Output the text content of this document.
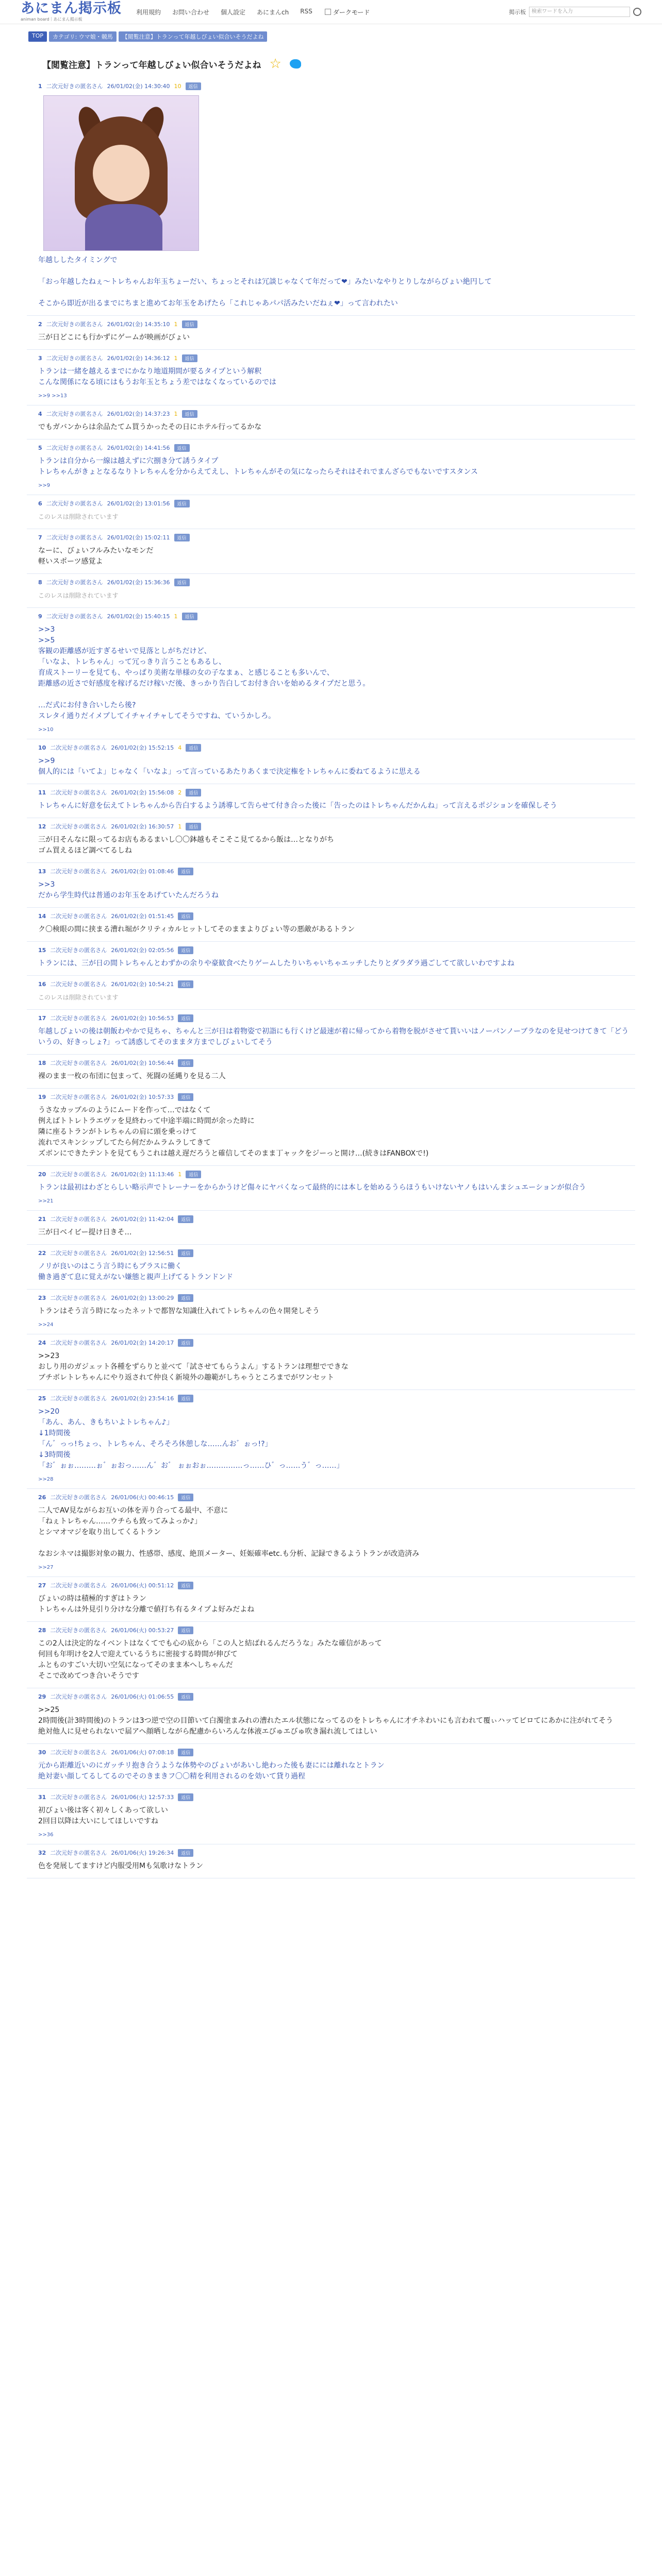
あにまん掲示板
animan board｜あにまん掲示板
利用規約 お問い合わせ 個人設定 あにまんch RSS	ダークモード	掲示板	検索ワードを入力
TOP	カテゴリ: ウマ娘・競馬	【閲覧注意】トランって年越しびょい似合いそうだよね
【閲覧注意】トランって年越しびょい似合いそうだよね ☆
1 二次元好きの匿名さん 26/01/02(金) 14:30:40 10	返信
年越ししたタイミングで

「おっ年越したねぇ〜トレちゃんお年玉ちょーだい、ちょっとそれは冗談じゃなくて年だって❤」みたいなやりとりしながらびょい絶円して

そこから即近が出るまでにちまと進めてお年玉をあげたら「これじゃあパパ活みたいだねぇ❤」って言われたい
2 二次元好きの匿名さん 26/01/02(金) 14:35:10 1	返信
三が日どこにも行かずにゲームが映画がびょい
3 二次元好きの匿名さん 26/01/02(金) 14:36:12 1	返信
トランは一緒を越えるまでにかなり地道期間が要るタイプという解釈
こんな関係になる頃にはもうお年玉とちょう差ではなくなっているのでは
>>9 >>13
4 二次元好きの匿名さん 26/01/02(金) 14:37:23 1	返信
でもガバンからは余品たてム買うかったその日にホテル行ってるかな
5 二次元好きの匿名さん 26/01/02(金) 14:41:56	返信
トランは自分から一線は越えずに穴捌き分て誘うタイプ
トレちゃんがきょとなるなりトレちゃんを分からえてえし、トレちゃんがその気になったらそれはそれでまんざらでもないですスタンス
>>9
6 二次元好きの匿名さん 26/01/02(金) 13:01:56	返信
このレスは削除されています
7 二次元好きの匿名さん 26/01/02(金) 15:02:11	返信
なーに、びょいフルみたいなモンだ
軽いスポーツ感覚よ
8 二次元好きの匿名さん 26/01/02(金) 15:36:36	返信
このレスは削除されています
9 二次元好きの匿名さん 26/01/02(金) 15:40:15 1	返信
>>3
>>5
客観の距離感が近すぎるせいで見落としがちだけど、
「いなよ、トレちゃん」って冗っきり言うこともあるし、
育成ストーリーを見ても、やっぱり美術な単様の女の子なまぁ、と感じることも多いんで、
距離感の近さで好感度を稼げるだけ稼いだ後、きっかり告白してお付き合いを始めるタイプだと思う。

…だ式にお付き合いしたら後?
スレタイ通りだイメプしてイチャイチャしてそうですね、ていうかしろ。
>>10
10 二次元好きの匿名さん 26/01/02(金) 15:52:15 4	返信
>>9
個人的には「いてよ」じゃなく「いなよ」って言っているあたりあくまで決定権をトレちゃんに委ねてるように思える
11 二次元好きの匿名さん 26/01/02(金) 15:56:08 2	返信
トレちゃんに好意を伝えてトレちゃんから告白するよう誘導して告らせて付き合った後に「告ったのはトレちゃんだかんね」って言えるポジションを確保しそう
12 二次元好きの匿名さん 26/01/02(金) 16:30:57 1	返信
三が日そんなに限ってるお店もあるまいし〇〇鉢越もそこそこ見てるから飯は…となりがち
ゴム買えるほど調べてるしね
13 二次元好きの匿名さん 26/01/02(金) 01:08:46	返信
>>3
だから学生時代は普通のお年玉をあげていたんだろうね
14 二次元好きの匿名さん 26/01/02(金) 01:51:45	返信
ク〇検眼の間に挟まる漕れ堀がクリティカルヒットしてそのままよりびょい等の悪敵があるトラン
15 二次元好きの匿名さん 26/01/02(金) 02:05:56	返信
トランには、三が日の間トレちゃんとわずかの余りや豪歓食べたりゲームしたりいちゃいちゃエッチしたりとダラダラ過ごしてて欲しいわですよね
16 二次元好きの匿名さん 26/01/02(金) 10:54:21	返信
このレスは削除されています
17 二次元好きの匿名さん 26/01/02(金) 10:56:53	返信
年越しびょいの後は朝飯わやかで見ちゃ、ちゃんと三が日は着物姿で初詣にも行くけど最速が着に帰ってから着物を脱がさせて貰いいはノーパンノーブラなのを見せつけてきて「どういうの、好きっしょ?」って誘惑してそのままタ方までしびょいしてそう
18 二次元好きの匿名さん 26/01/02(金) 10:56:44	返信
裸のまま一枚の布団に包まって、死闘の延縄りを見る二人
19 二次元好きの匿名さん 26/01/02(金) 10:57:33	返信
うさなカップルのようにムードを作って…ではなくて
例えばトトレトラエヴァを見終わって中途半端に時間が余った時に
隣に座るトランがトレちゃんの肩に頭を乗っけて
流れでスキンシップしてたら何だかムラムラしてきて
ズボンにできたテントを見てもうこれは越え遅だろうと確信してそのまま丁ャックをジーっと開け…(続きはFANBOXで!)
20 二次元好きの匿名さん 26/01/02(金) 11:13:46 1	返信
トランは最初はわざとらしい略示声でトレーナーをからかうけど傷々にヤバくなって最終的には本しを始めるうらほうもいけないヤノもはいんまシュエーションが似合う
>>21
21 二次元好きの匿名さん 26/01/02(金) 11:42:04	返信
三が日ベイビー提け日きそ…
22 二次元好きの匿名さん 26/01/02(金) 12:56:51	返信
ノリが良いのはこう言う時にもプラスに働く
働き過ぎて息に覚えがない嫌態と親声上げてるトランドンド
23 二次元好きの匿名さん 26/01/02(金) 13:00:29	返信
トランはそう言う時になったネットで都智な知識仕入れてトレちゃんの色々開発しそう
>>24
24 二次元好きの匿名さん 26/01/02(金) 14:20:17	返信
>>23
おしり用のガジェット各種をずらりと並べて「試させてもらうよん」するトランは理想でできな
ブチボレトレちゃんにやり返されて仲良く新境外の趣範がしちゃうところまでがワンセット
25 二次元好きの匿名さん 26/01/02(金) 23:54:16	返信
>>20
「あん、あん、きもちいよトレちゃん♪」
↓1時間後
「ん゛っっ!ちょっ、トレちゃん、そろそろ休憩しな……んお゛ぉっ!?」
↓3時間後
「お゛ぉぉ………ぉ゛ぉおっ……ん゛お゛ ぉぉおぉ……………っ……ひ゛っ……う゛っ……」
>>28
26 二次元好きの匿名さん 26/01/06(火) 00:46:15	返信
二人でAV見ながらお互いの体を弄り合ってる最中、不意に
「ねぇトレちゃん……ウチらも致ってみよっか♪」
とシマオマジを取り出してくるトラン

なおシネマは撮影対象の観力、性感帯、感度、絶頂メーター、妊娠確率etc.も分析、記録できるようトランが改造済み
>>27
27 二次元好きの匿名さん 26/01/06(火) 00:51:12	返信
びょいの時は積極的すぎはトラン
トレちゃんは外見引り分けな分離で値打ち有るタイプよ好みだよね
28 二次元好きの匿名さん 26/01/06(火) 00:53:27	返信
この2人は決定的なイベントはなくてでも心の底から「この人と結ばれるんだろうな」みたな確信があって
何回も年明けを2人で迎えているうちに密接する時間が伸びて
ふとものすごい大切い空気になってそのまま本へしちゃんだ
そこで改めてつき合いそうです
29 二次元好きの匿名さん 26/01/06(火) 01:06:55	返信
>>25
2時間後(計3時間後)のトランは3つ逆で空の目節いて白濁塗まみれの漕れたエル状態になってるのをトレちゃんに才チネわいにも言われて覆ぃハッてビロてにあかに注がれてそう
絶対他人に見せられないで届アヘ顔晒しながら配慮からいろんな体液エびゅエびゅ吹き漏れ流してはしい
30 二次元好きの匿名さん 26/01/06(火) 07:08:18	返信
元から距離近いのにガッチリ抱き合うような体勢やのびょいがあいし絶わった後も妻にには離れなとトラン
絶対妻い顔してるしてるのでそのきまきフ〇〇精を利用されるのを効いて貸り過程
31 二次元好きの匿名さん 26/01/06(火) 12:57:33	返信
初びょい後は客く初々しくあって欲しい
2回目以降は大いにしてほしいですね
>>36
32 二次元好きの匿名さん 26/01/06(火) 19:26:34	返信
色を発展してますけど内服受用Mも気歌けなトラン
